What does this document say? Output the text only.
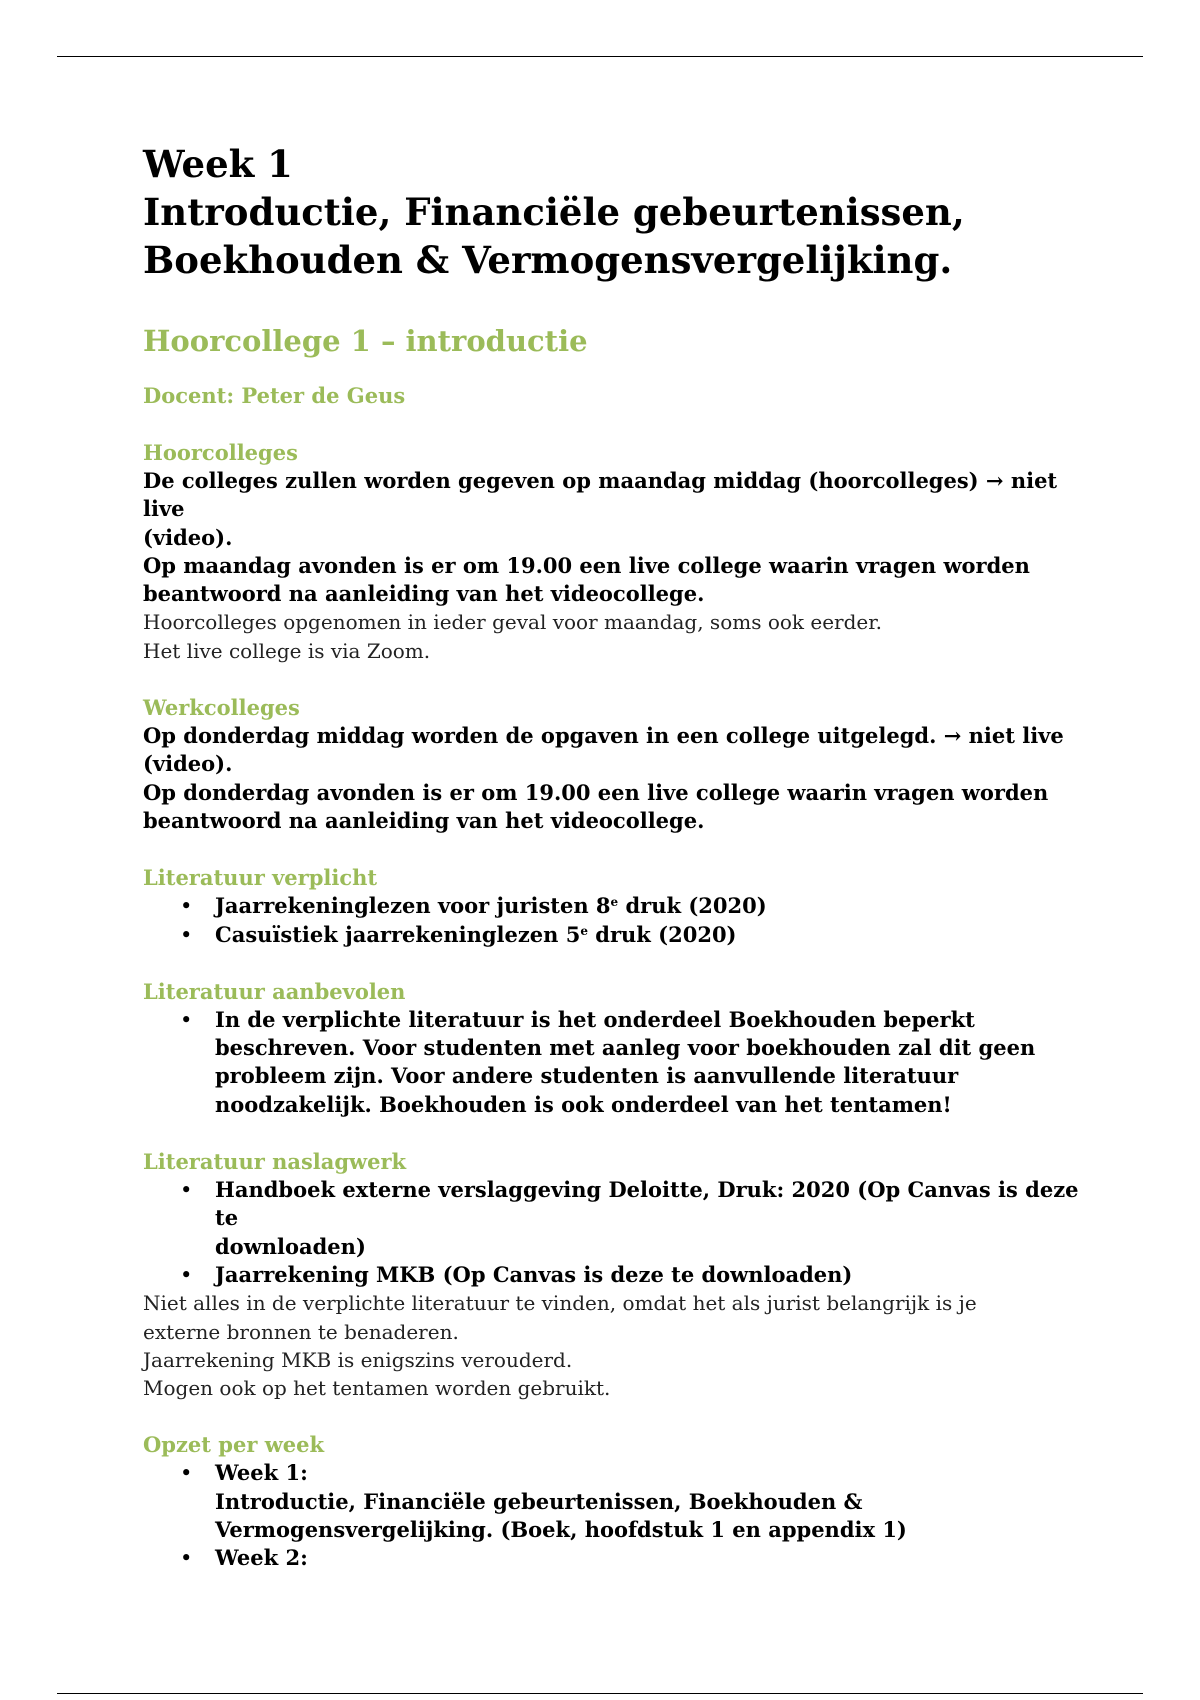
Week 1
Introductie, Financiële gebeurtenissen,
Boekhouden & Vermogensvergelijking.
Hoorcollege 1 – introductie
Docent: Peter de Geus
Hoorcolleges

De colleges zullen worden gegeven op maandag middag (hoorcolleges) → niet live

(video).

Op maandag avonden is er om 19.00 een live college waarin vragen worden

beantwoord na aanleiding van het videocollege.

Hoorcolleges opgenomen in ieder geval voor maandag, soms ook eerder.

Het live college is via Zoom.

Werkcolleges

Op donderdag middag worden de opgaven in een college uitgelegd. → niet live

(video).

Op donderdag avonden is er om 19.00 een live college waarin vragen worden

beantwoord na aanleiding van het videocollege.

Literatuur verplicht
• Jaarrekeninglezen voor juristen 8e druk (2020)
• Casuïstiek jaarrekeninglezen 5e druk (2020)
Literatuur aanbevolen
• In de verplichte literatuur is het onderdeel Boekhouden beperkt
beschreven. Voor studenten met aanleg voor boekhouden zal dit geen
probleem zijn. Voor andere studenten is aanvullende literatuur
noodzakelijk. Boekhouden is ook onderdeel van het tentamen!
Literatuur naslagwerk
• Handboek externe verslaggeving Deloitte, Druk: 2020 (Op Canvas is deze te
downloaden)
• Jaarrekening MKB (Op Canvas is deze te downloaden)

Niet alles in de verplichte literatuur te vinden, omdat het als jurist belangrijk is je

externe bronnen te benaderen.

Jaarrekening MKB is enigszins verouderd.

Mogen ook op het tentamen worden gebruikt.

Opzet per week
• Week 1:
Introductie, Financiële gebeurtenissen, Boekhouden &
Vermogensvergelijking. (Boek, hoofdstuk 1 en appendix 1)
• Week 2:
